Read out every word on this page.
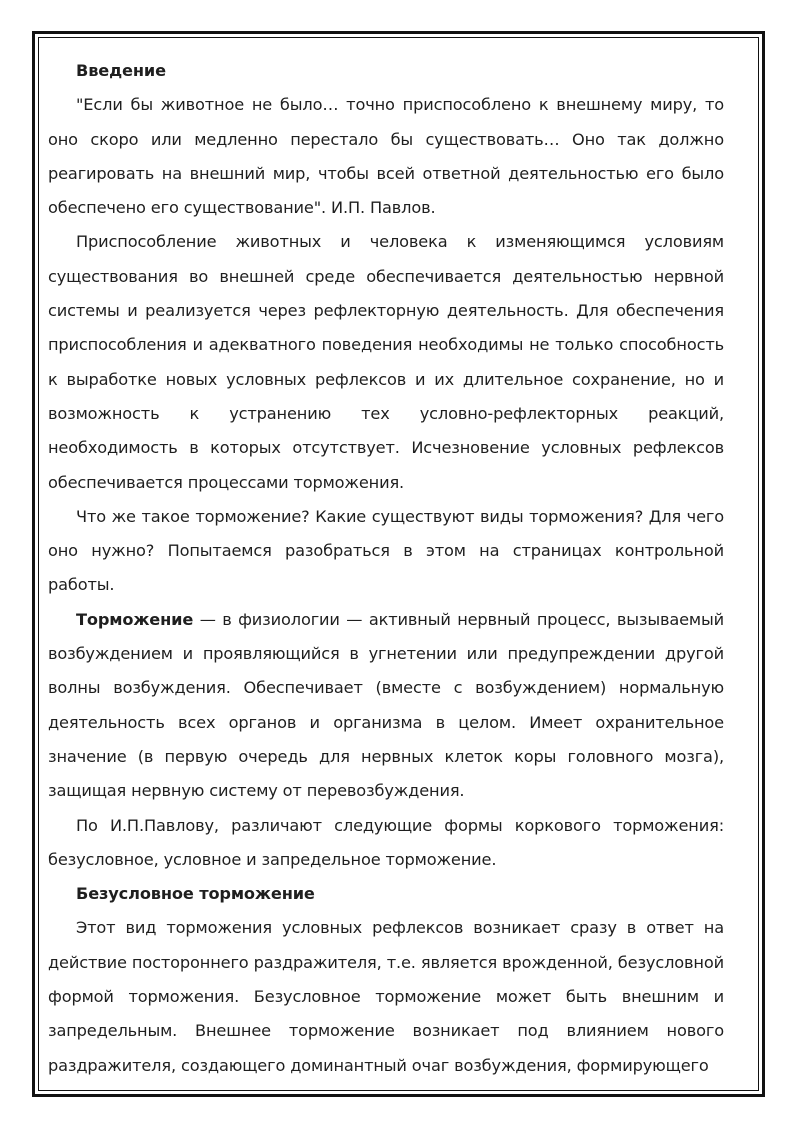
Введение

"Если бы животное не было… точно приспособлено к внешнему миру, то оно скоро или медленно перестало бы существовать… Оно так должно реагировать на внешний мир, чтобы всей ответной деятельностью его было обеспечено его существование". И.П. Павлов.

Приспособление животных и человека к изменяющимся условиям существования во внешней среде обеспечивается деятельностью нервной системы и реализуется через рефлекторную деятельность. Для обеспечения приспособления и адекватного поведения необходимы не только способность к выработке новых условных рефлексов и их длительное сохранение, но и возможность к устранению тех условно-рефлекторных реакций, необходимость в которых отсутствует. Исчезновение условных рефлексов обеспечивается процессами торможения.

Что же такое торможение? Какие существуют виды торможения? Для чего оно нужно? Попытаемся разобраться в этом на страницах контрольной работы.

Торможение — в физиологии — активный нервный процесс, вызываемый возбуждением и проявляющийся в угнетении или предупреждении другой волны возбуждения. Обеспечивает (вместе с возбуждением) нормальную деятельность всех органов и организма в целом. Имеет охранительное значение (в первую очередь для нервных клеток коры головного мозга), защищая нервную систему от перевозбуждения.

По И.П.Павлову, различают следующие формы коркового торможения: безусловное, условное и запредельное торможение.

Безусловное торможение

Этот вид торможения условных рефлексов возникает сразу в ответ на действие постороннего раздражителя, т.е. является врожденной, безусловной формой торможения. Безусловное торможение может быть внешним и запредельным. Внешнее торможение возникает под влиянием нового раздражителя, создающего доминантный очаг возбуждения, формирующего
